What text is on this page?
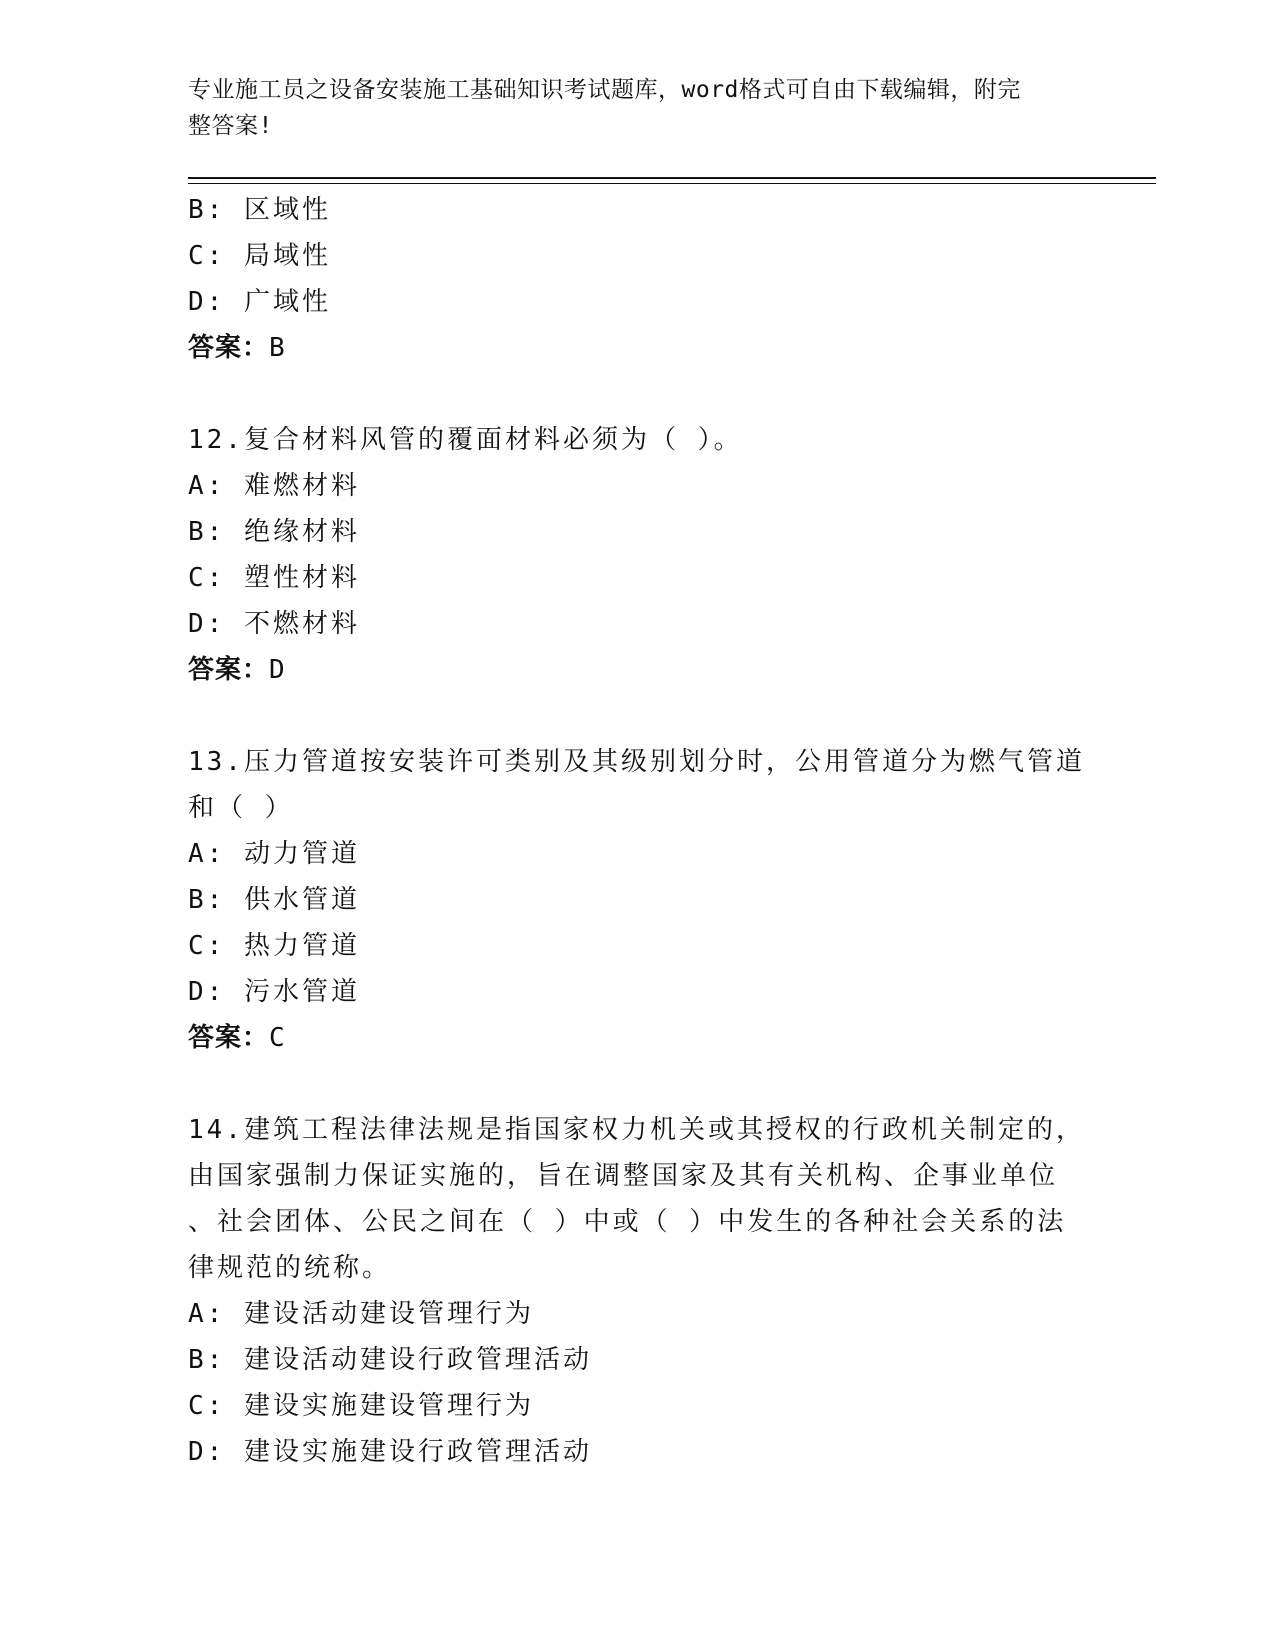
专业施工员之设备安装施工基础知识考试题库，word格式可自由下载编辑，附完
整答案!
B: 区域性
C: 局域性
D: 广域性
答案：B
12.复合材料风管的覆面材料必须为（ ）。
A: 难燃材料
B: 绝缘材料
C: 塑性材料
D: 不燃材料
答案：D
13.压力管道按安装许可类别及其级别划分时，公用管道分为燃气管道
和（ ）
A: 动力管道
B: 供水管道
C: 热力管道
D: 污水管道
答案：C
14.建筑工程法律法规是指国家权力机关或其授权的行政机关制定的，
由国家强制力保证实施的，旨在调整国家及其有关机构、企事业单位
、社会团体、公民之间在（ ）中或（ ）中发生的各种社会关系的法
律规范的统称。
A: 建设活动建设管理行为
B: 建设活动建设行政管理活动
C: 建设实施建设管理行为
D: 建设实施建设行政管理活动
